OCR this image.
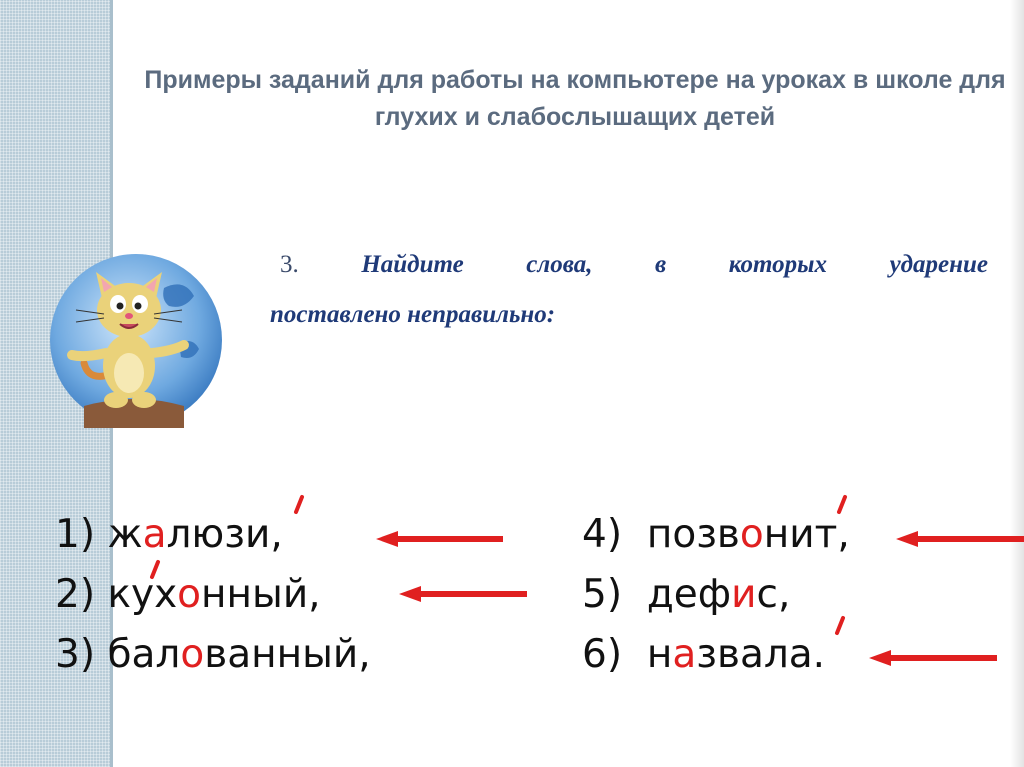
Примеры заданий для работы на компьютере на уроках в школе для глухих и слабослышащих детей
3.	Найдите	слова,	в	которых	ударение
поставлено неправильно:
1) жалюзи,
2) кухонный,
3) балованный,
4) позвонит,
5) дефис,
6) назвала.
